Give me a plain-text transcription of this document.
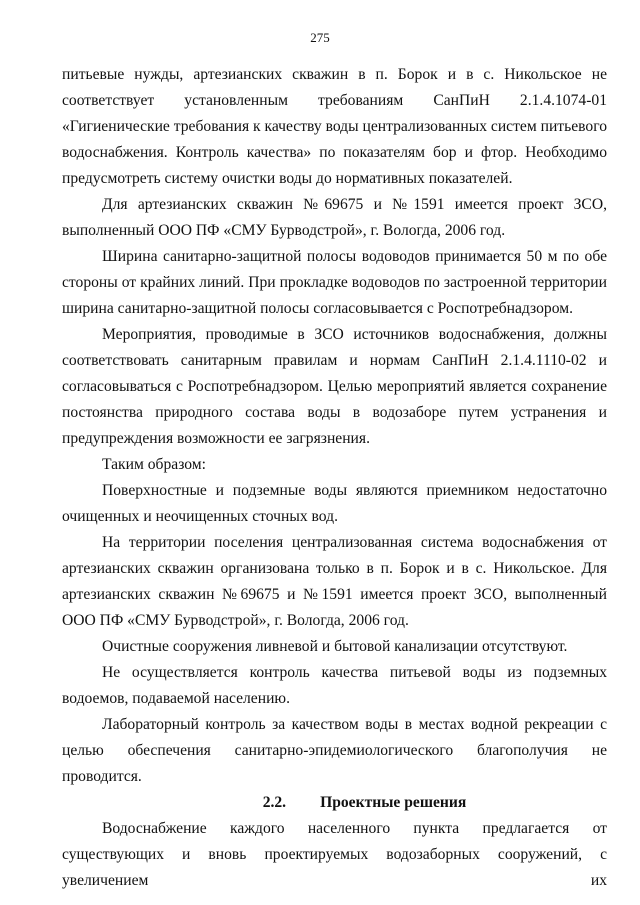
275

питьевые нужды, артезианских скважин в п. Борок и в с. Никольское не соответствует установленным требованиям СанПиН 2.1.4.1074-01 «Гигиенические требования к качеству воды централизованных систем питьевого водоснабжения. Контроль качества» по показателям бор и фтор. Необходимо предусмотреть систему очистки воды до нормативных показателей.

Для артезианских скважин №69675 и №1591 имеется проект ЗСО, выполненный ООО ПФ «СМУ Бурводстрой», г. Вологда, 2006 год.

Ширина санитарно-защитной полосы водоводов принимается 50 м по обе стороны от крайних линий. При прокладке водоводов по застроенной территории ширина санитарно-защитной полосы согласовывается с Роспотребнадзором.

Мероприятия, проводимые в ЗСО источников водоснабжения, должны соответствовать санитарным правилам и нормам СанПиН 2.1.4.1110-02 и согласовываться с Роспотребнадзором. Целью мероприятий является сохранение постоянства природного состава воды в водозаборе путем устранения и предупреждения возможности ее загрязнения.

Таким образом:

Поверхностные и подземные воды являются приемником недостаточно очищенных и неочищенных сточных вод.

На территории поселения централизованная система водоснабжения от артезианских скважин организована только в п. Борок и в с. Никольское. Для артезианских скважин №69675 и №1591 имеется проект ЗСО, выполненный ООО ПФ «СМУ Бурводстрой», г. Вологда, 2006 год.

Очистные сооружения ливневой и бытовой канализации отсутствуют.

Не осуществляется контроль качества питьевой воды из подземных водоемов, подаваемой населению.

Лабораторный контроль за качеством воды в местах водной рекреации с целью обеспечения санитарно-эпидемиологического благополучия не проводится.

2.2. Проектные решения

Водоснабжение каждого населенного пункта предлагается от существующих и вновь проектируемых водозаборных сооружений, с увеличением их
